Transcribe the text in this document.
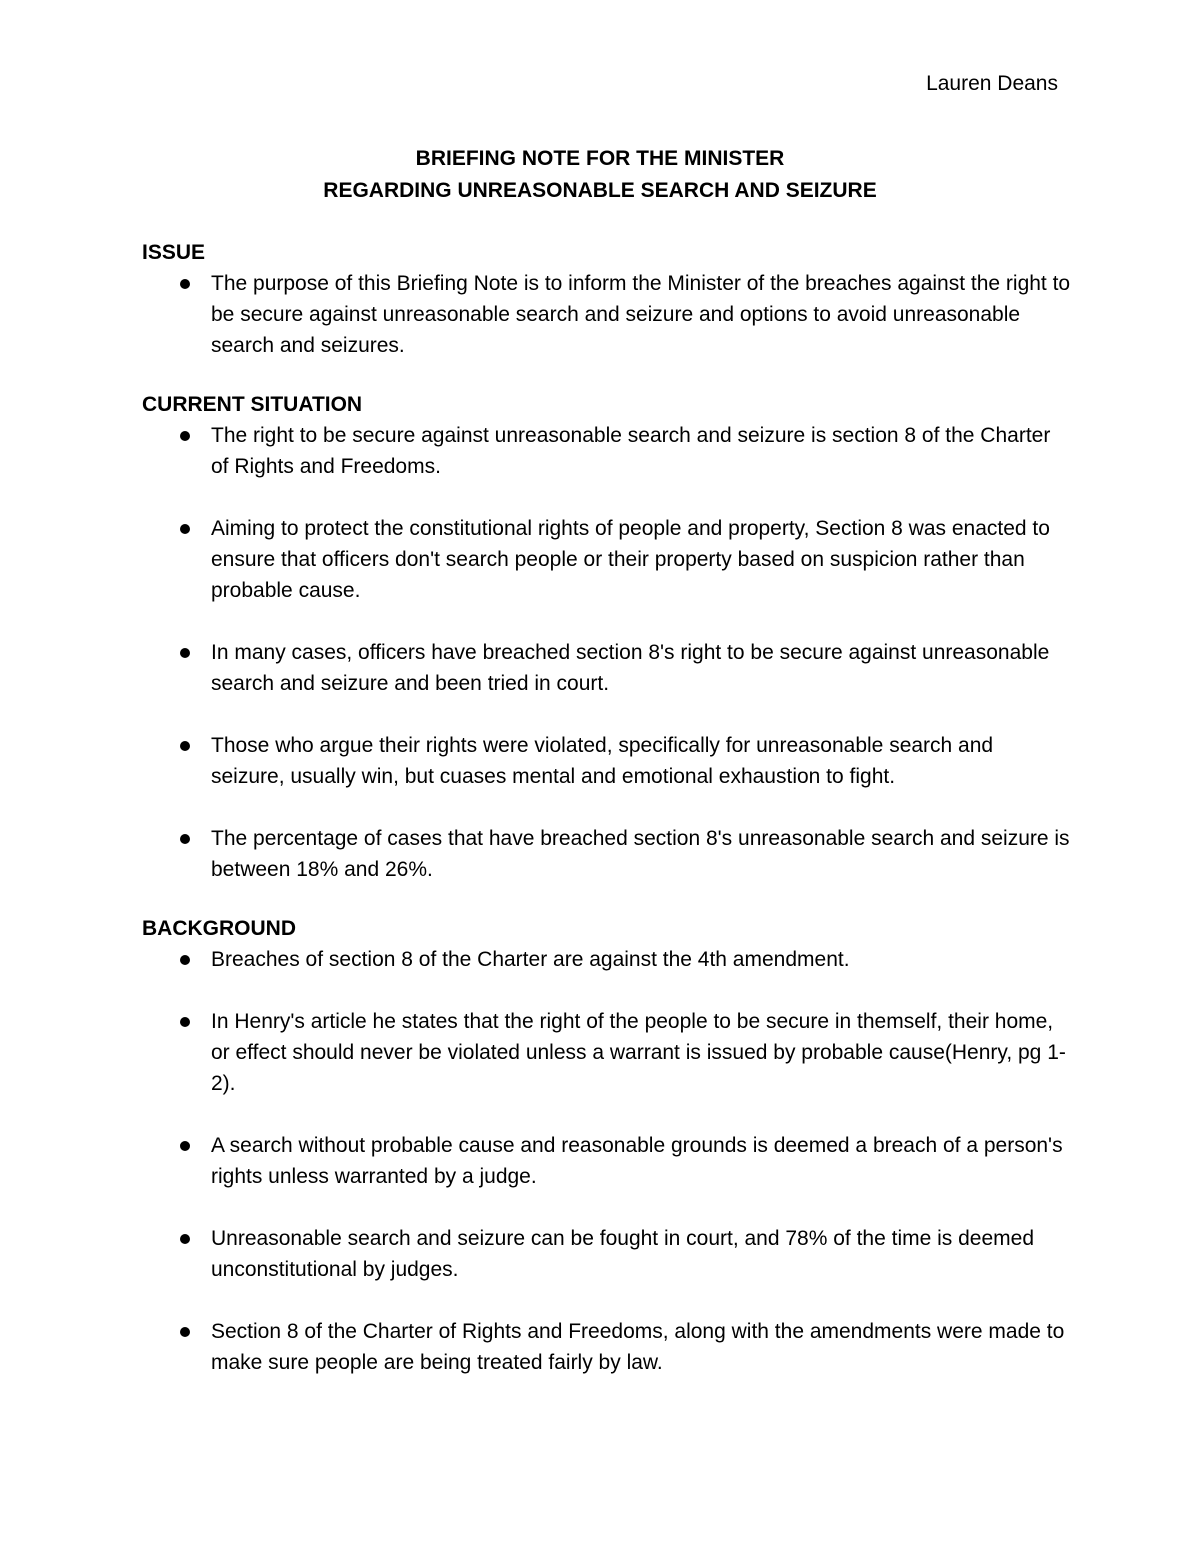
Lauren Deans
BRIEFING NOTE FOR THE MINISTER
REGARDING UNREASONABLE SEARCH AND SEIZURE
ISSUE
The purpose of this Briefing Note is to inform the Minister of the breaches against the right to be secure against unreasonable search and seizure and options to avoid unreasonable search and seizures.
CURRENT SITUATION
The right to be secure against unreasonable search and seizure is section 8 of the Charter of Rights and Freedoms.
Aiming to protect the constitutional rights of people and property, Section 8 was enacted to ensure that officers don't search people or their property based on suspicion rather than probable cause.
In many cases, officers have breached section 8's right to be secure against unreasonable search and seizure and been tried in court.
Those who argue their rights were violated, specifically for unreasonable search and seizure, usually win, but cuases mental and emotional exhaustion to fight.
The percentage of cases that have breached section 8's unreasonable search and seizure is between 18% and 26%.
BACKGROUND
Breaches of section 8 of the Charter are against the 4th amendment.
In Henry's article he states that the right of the people to be secure in themself, their home, or effect should never be violated unless a warrant is issued by probable cause(Henry, pg 1-2).
A search without probable cause and reasonable grounds is deemed a breach of a person's rights unless warranted by a judge.
Unreasonable search and seizure can be fought in court, and 78% of the time is deemed unconstitutional by judges.
Section 8 of the Charter of Rights and Freedoms, along with the amendments were made to make sure people are being treated fairly by law.
